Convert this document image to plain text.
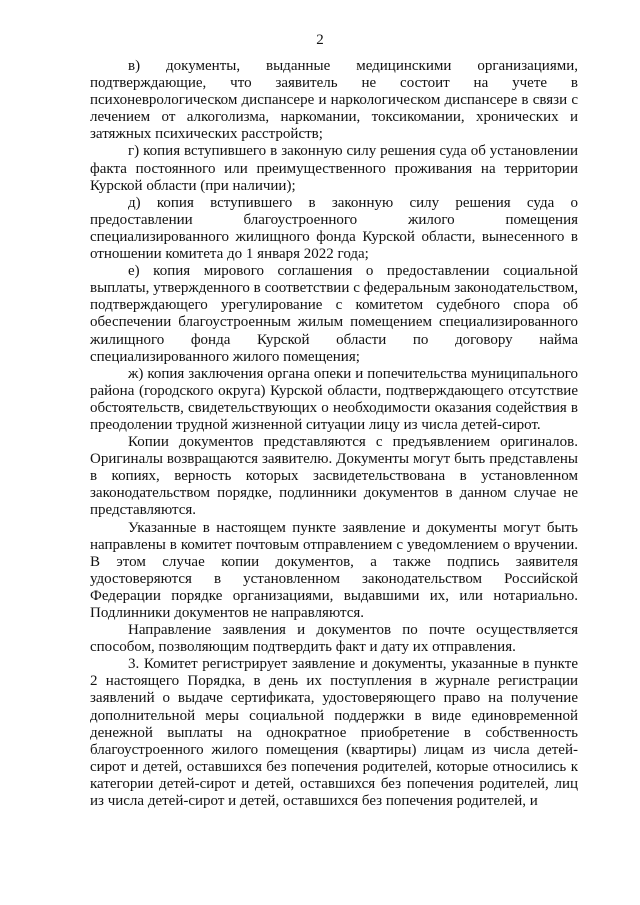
2

в) документы, выданные медицинскими организациями, подтверждающие, что заявитель не состоит на учете в психоневрологическом диспансере и наркологическом диспансере в связи с лечением от алкоголизма, наркомании, токсикомании, хронических и затяжных психических расстройств;

г) копия вступившего в законную силу решения суда об установлении факта постоянного или преимущественного проживания на территории Курской области (при наличии);

д) копия вступившего в законную силу решения суда о предоставлении благоустроенного жилого помещения специализированного жилищного фонда Курской области, вынесенного в отношении комитета до 1 января 2022 года;

е) копия мирового соглашения о предоставлении социальной выплаты, утвержденного в соответствии с федеральным законодательством, подтверждающего урегулирование с комитетом судебного спора об обеспечении благоустроенным жилым помещением специализированного жилищного фонда Курской области по договору найма специализированного жилого помещения;

ж) копия заключения органа опеки и попечительства муниципального района (городского округа) Курской области, подтверждающего отсутствие обстоятельств, свидетельствующих о необходимости оказания содействия в преодолении трудной жизненной ситуации лицу из числа детей-сирот.

Копии документов представляются с предъявлением оригиналов. Оригиналы возвращаются заявителю. Документы могут быть представлены в копиях, верность которых засвидетельствована в установленном законодательством порядке, подлинники документов в данном случае не представляются.

Указанные в настоящем пункте заявление и документы могут быть направлены в комитет почтовым отправлением с уведомлением о вручении. В этом случае копии документов, а также подпись заявителя удостоверяются в установленном законодательством Российской Федерации порядке организациями, выдавшими их, или нотариально. Подлинники документов не направляются.

Направление заявления и документов по почте осуществляется способом, позволяющим подтвердить факт и дату их отправления.

3. Комитет регистрирует заявление и документы, указанные в пункте 2 настоящего Порядка, в день их поступления в журнале регистрации заявлений о выдаче сертификата, удостоверяющего право на получение дополнительной меры социальной поддержки в виде единовременной денежной выплаты на однократное приобретение в собственность благоустроенного жилого помещения (квартиры) лицам из числа детей-сирот и детей, оставшихся без попечения родителей, которые относились к категории детей-сирот и детей, оставшихся без попечения родителей, лиц из числа детей-сирот и детей, оставшихся без попечения родителей, и
